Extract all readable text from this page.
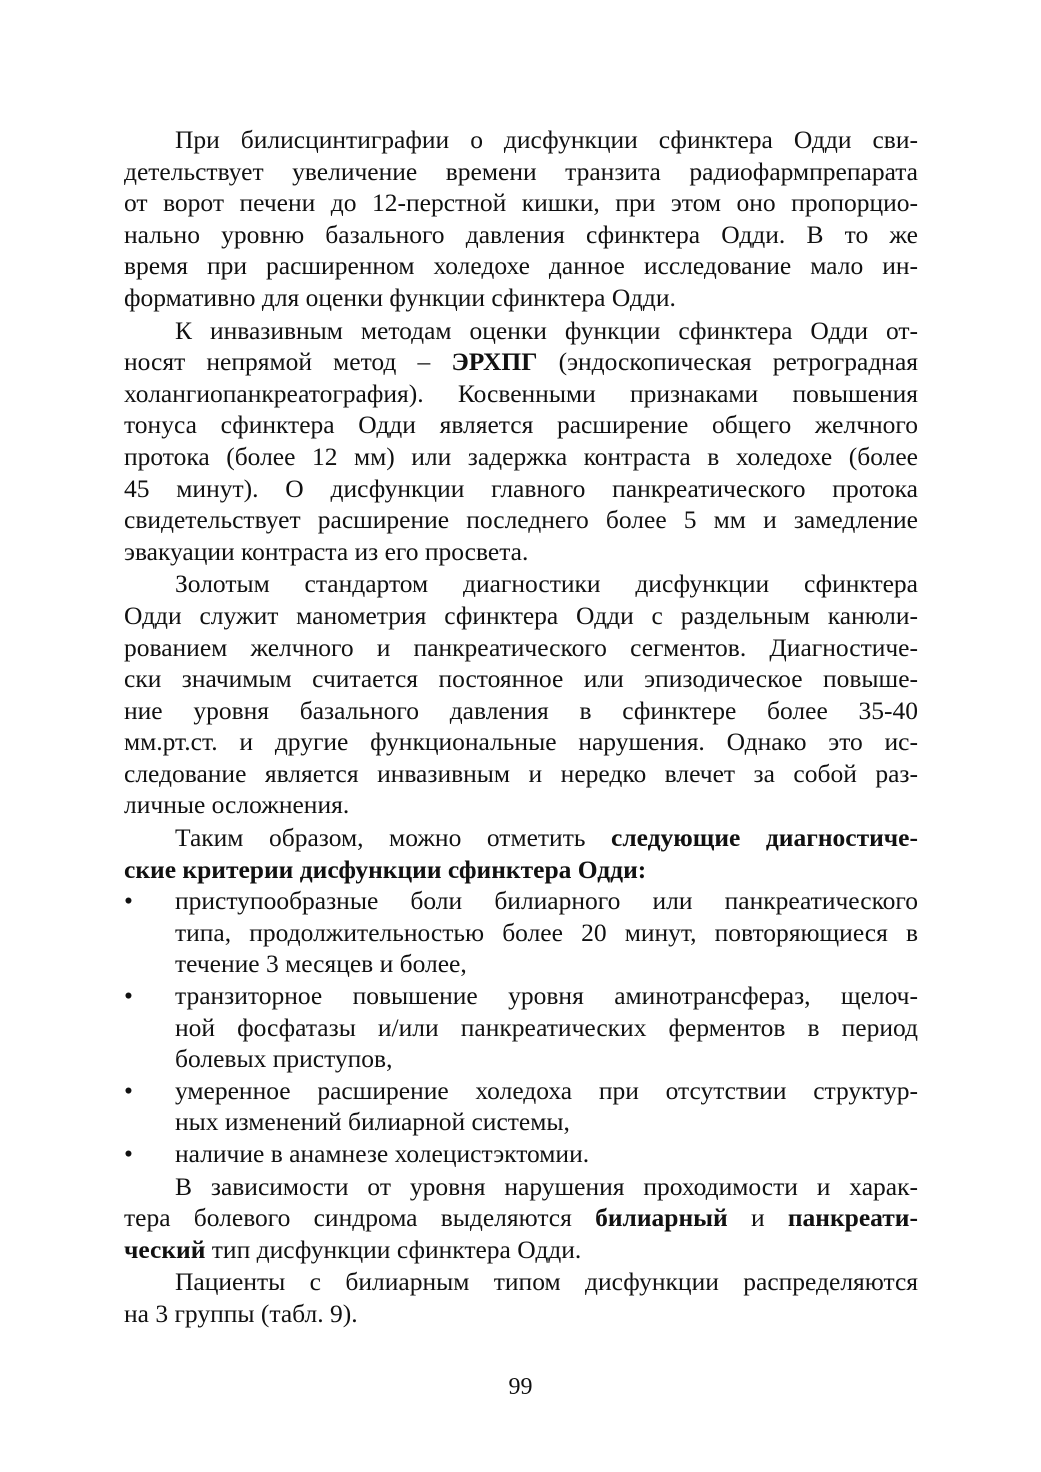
При билисцинтиграфии о дисфункции сфинктера Одди сви-
детельствует увеличение времени транзита радиофармпрепарата
от ворот печени до 12-перстной кишки, при этом оно пропорцио-
нально уровню базального давления сфинктера Одди. В то же
время при расширенном холедохе данное исследование мало ин-
формативно для оценки функции сфинктера Одди.
К инвазивным методам оценки функции сфинктера Одди от-
носят непрямой метод – ЭРХПГ (эндоскопическая ретроградная
холангиопанкреатография). Косвенными признаками повышения
тонуса сфинктера Одди является расширение общего желчного
протока (более 12 мм) или задержка контраста в холедохе (более
45 минут). О дисфункции главного панкреатического протока
свидетельствует расширение последнего более 5 мм и замедление
эвакуации контраста из его просвета.
Золотым стандартом диагностики дисфункции сфинктера
Одди служит манометрия сфинктера Одди с раздельным канюли-
рованием желчного и панкреатического сегментов. Диагностиче-
ски значимым считается постоянное или эпизодическое повыше-
ние уровня базального давления в сфинктере более 35-40
мм.рт.ст. и другие функциональные нарушения. Однако это ис-
следование является инвазивным и нередко влечет за собой раз-
личные осложнения.
Таким образом, можно отметить следующие диагностиче-
ские критерии дисфункции сфинктера Одди:
• приступообразные боли билиарного или панкреатического
типа, продолжительностью более 20 минут, повторяющиеся в
течение 3 месяцев и более,
• транзиторное повышение уровня аминотрансфераз, щелоч-
ной фосфатазы и/или панкреатических ферментов в период
болевых приступов,
• умеренное расширение холедоха при отсутствии структур-
ных изменений билиарной системы,
• наличие в анамнезе холецистэктомии.
В зависимости от уровня нарушения проходимости и харак-
тера болевого синдрома выделяются билиарный и панкреати-
ческий тип дисфункции сфинктера Одди.
Пациенты с билиарным типом дисфункции распределяются
на 3 группы (табл. 9).
99
